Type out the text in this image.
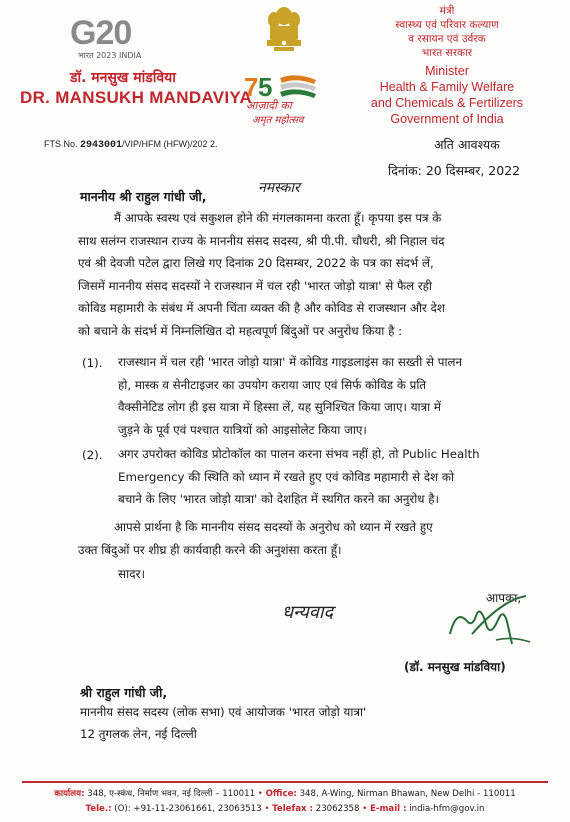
G20
भारत 2023 INDIA
डॉ. मनसुख मांडविया
DR. MANSUKH MANDAVIYA
7 5
आज़ादी का
अमृत महोत्सव
मंत्री
स्वास्थ्य एवं परिवार कल्याण
व रसायन एवं उर्वरक
भारत सरकार
Minister
Health & Family Welfare
and Chemicals & Fertilizers
Government of India
FTS No. 2943001/VIP/HFM (HFW)/202 2.	अति आवश्यक
दिनांक: 20 दिसम्बर, 2022
माननीय श्री राहुल गांधी जी,
नमस्कार
मैं आपके स्वस्थ एवं सकुशल होने की मंगलकामना करता हूँ। कृपया इस पत्र के
साथ सलंग्न राजस्थान राज्य के माननीय संसद सदस्य, श्री पी.पी. चौधरी, श्री निहाल चंद
एवं श्री देवजी पटेल द्वारा लिखे गए दिनांक 20 दिसम्बर, 2022 के पत्र का संदर्भ लें,
जिसमें माननीय संसद सदस्यों ने राजस्थान में चल रही 'भारत जोड़ो यात्रा' से फैल रही
कोविड महामारी के संबंध में अपनी चिंता व्यक्त की है और कोविड से राजस्थान और देश
को बचाने के संदर्भ में निम्नलिखित दो महत्वपूर्ण बिंदुओं पर अनुरोध किया है :
(1). राजस्थान में चल रही 'भारत जोड़ो यात्रा' में कोविड गाइडलाइंस का सख्ती से पालन
हो, मास्क व सेनीटाइजर का उपयोग कराया जाए एवं सिर्फ कोविड के प्रति
वैक्सीनेटिड लोग ही इस यात्रा में हिस्सा लें, यह सुनिश्चित किया जाए। यात्रा में
जुड़ने के पूर्व एवं पश्चात यात्रियों को आइसोलेट किया जाए।
(2). अगर उपरोक्त कोविड प्रोटोकॉल का पालन करना संभव नहीं हो, तो Public Health
Emergency की स्थिति को ध्यान में रखते हुए एवं कोविड महामारी से देश को
बचाने के लिए 'भारत जोड़ो यात्रा' को देशहित में स्थगित करने का अनुरोध है।
आपसे प्रार्थना है कि माननीय संसद सदस्यों के अनुरोध को ध्यान में रखते हुए
उक्त बिंदुओं पर शीघ्र ही कार्यवाही करने की अनुशंसा करता हूँ।
सादर।
आपका,
धन्यवाद
(डॉ. मनसुख मांडविया)
श्री राहुल गांधी जी,
माननीय संसद सदस्य (लोक सभा) एवं आयोजक 'भारत जोड़ो यात्रा'
12 तुगलक लेन, नई दिल्ली
कार्यालय: 348, ए-स्कंध, निर्माण भवन, नई दिल्ली – 110011 • Office: 348, A-Wing, Nirman Bhawan, New Delhi - 110011
Tele.: (O): +91-11-23061661, 23063513 • Telefax : 23062358 • E-mail : india-hfm@gov.in
